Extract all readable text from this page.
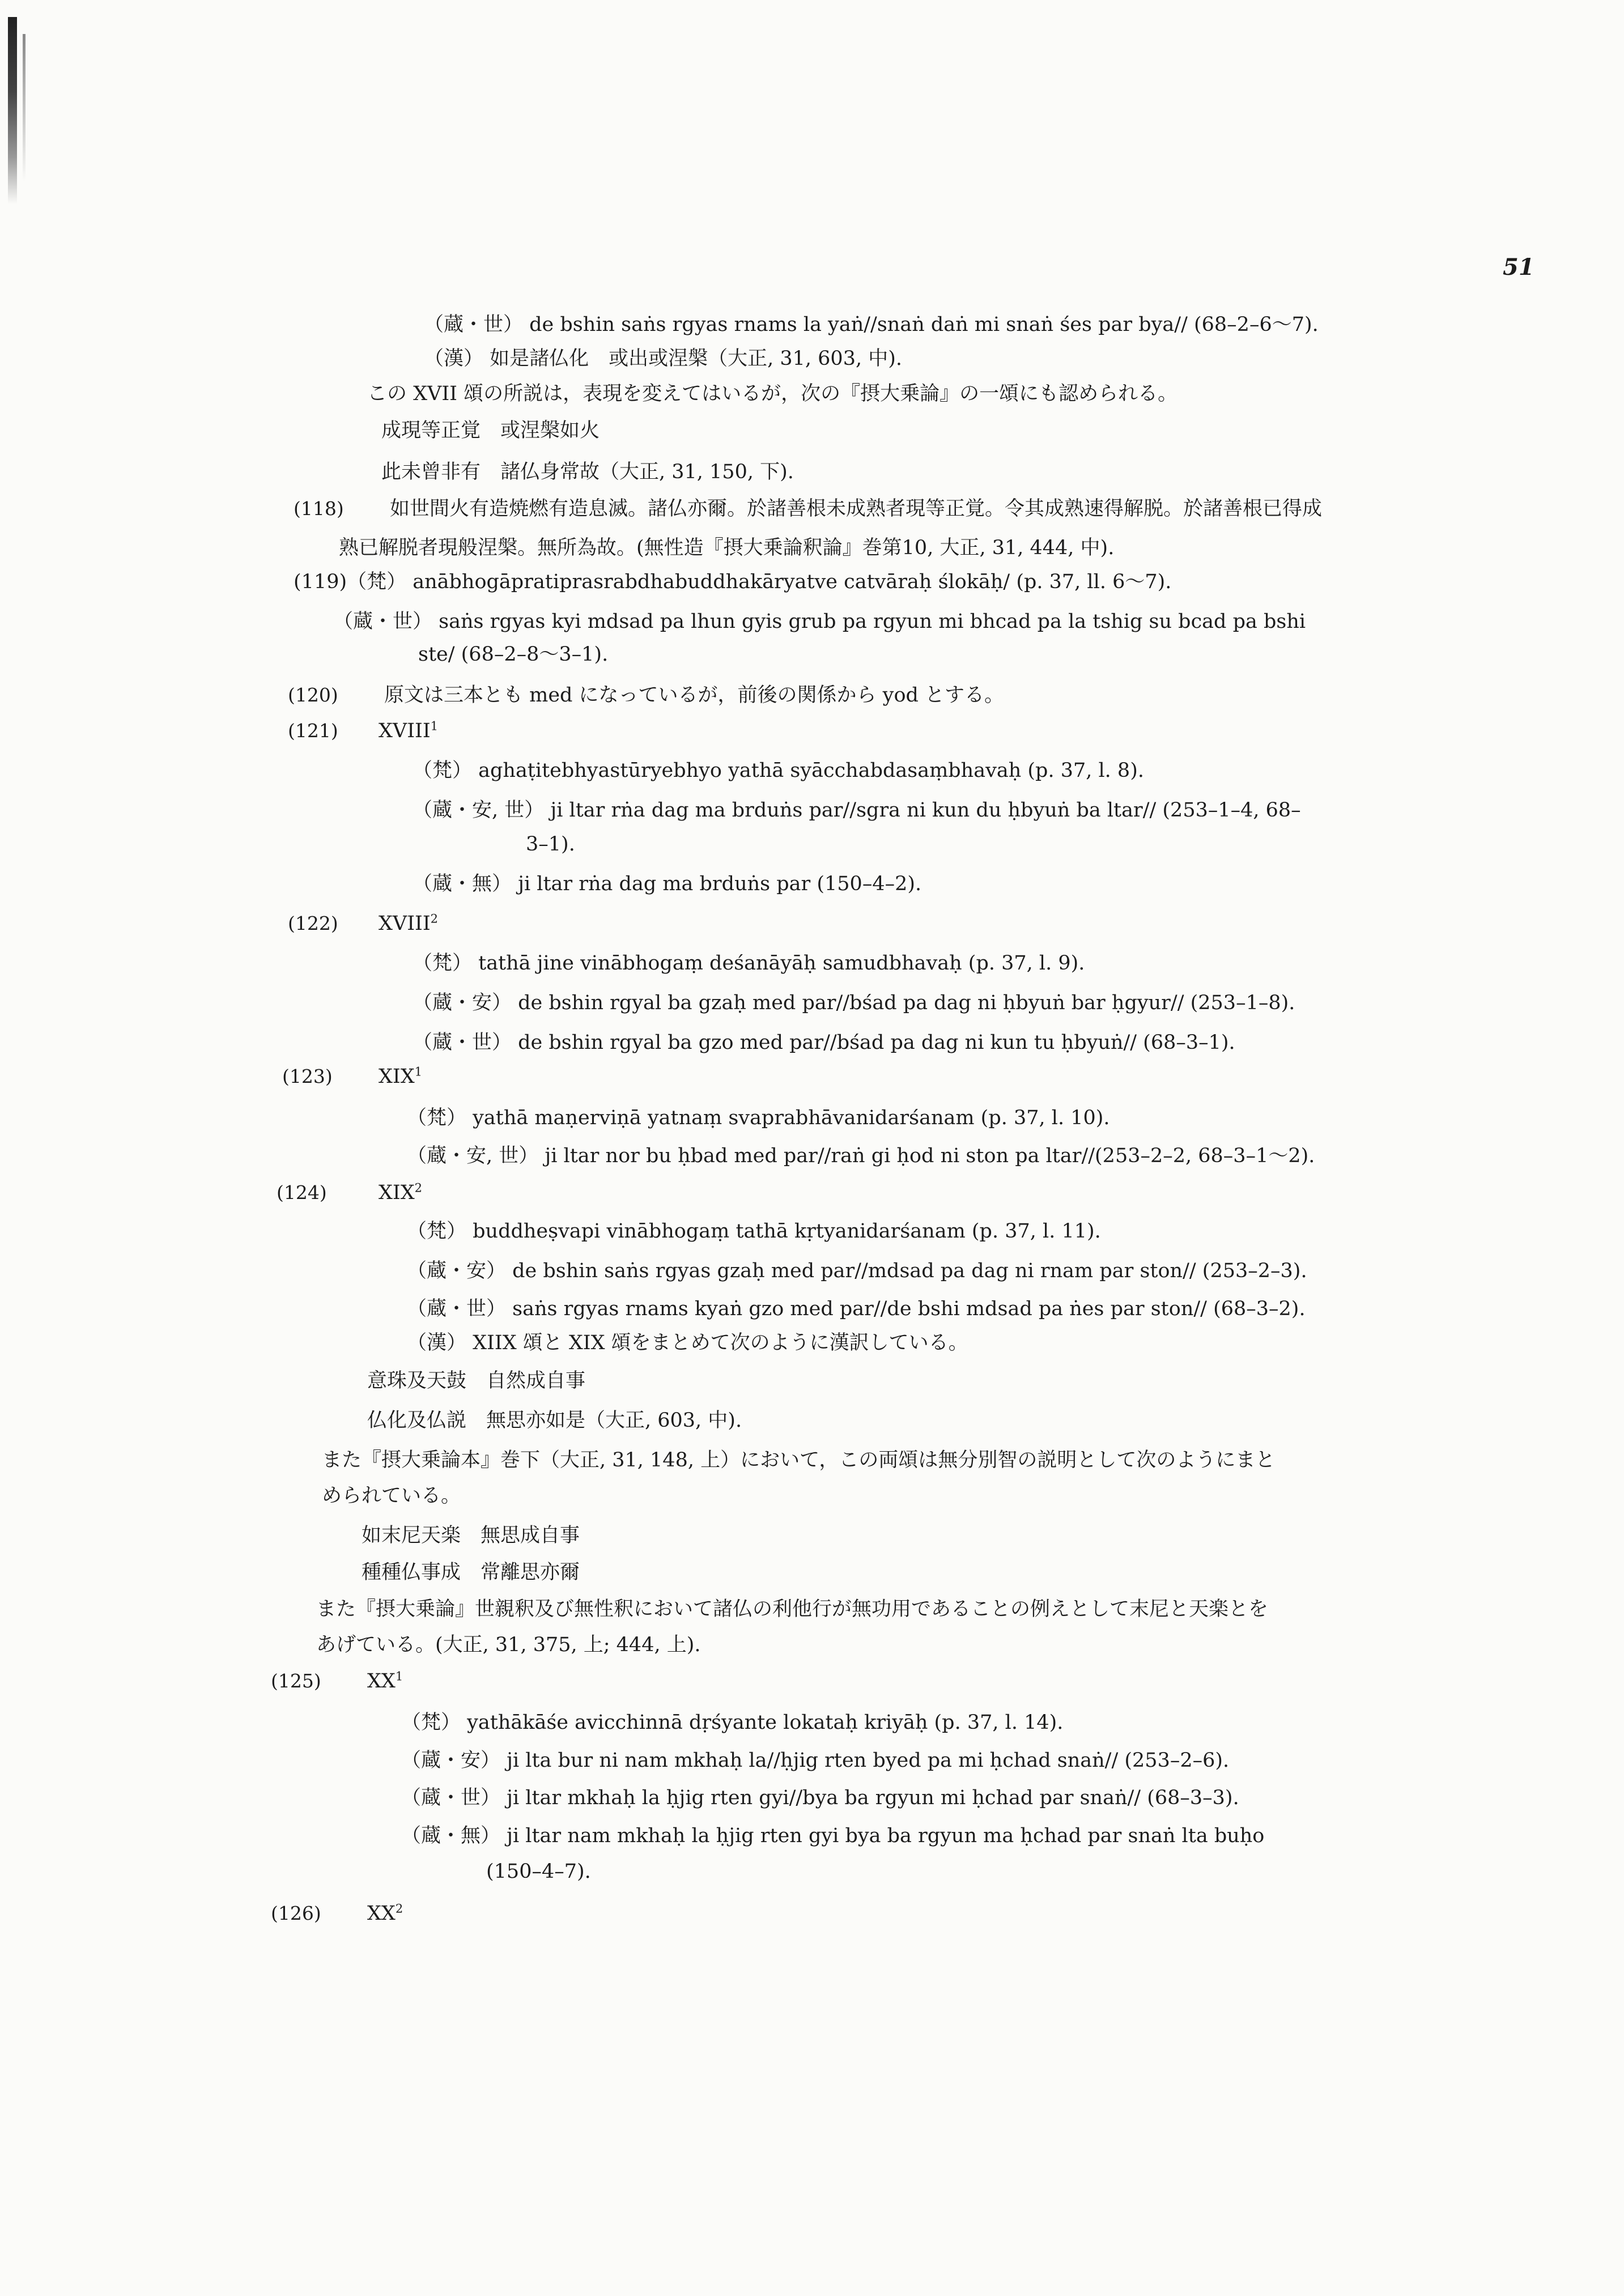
51
（蔵・世） de bshin saṅs rgyas rnams la yaṅ//snaṅ daṅ mi snaṅ śes par bya// (68–2–6〜7).
（漢） 如是諸仏化　或出或涅槃（大正, 31, 603, 中).
この XVII 頌の所説は，表現を変えてはいるが，次の『摂大乗論』の一頌にも認められる。
成現等正覚　或涅槃如火
此未曾非有　諸仏身常故（大正, 31, 150, 下).
(118) 如世間火有造焼燃有造息滅。諸仏亦爾。於諸善根未成熟者現等正覚。令其成熟速得解脱。於諸善根已得成
熟已解脱者現般涅槃。無所為故。(無性造『摂大乗論釈論』巻第10, 大正, 31, 444, 中).
(119)（梵） anābhogāpratiprasrabdhabuddhakāryatve catvāraḥ ślokāḥ/ (p. 37, ll. 6〜7).
（蔵・世） saṅs rgyas kyi mdsad pa lhun gyis grub pa rgyun mi bhcad pa la tshig su bcad pa bshi
ste/ (68–2–8〜3–1).
(120) 原文は三本とも med になっているが，前後の関係から yod とする。
(121) XVIII$^1$
（梵） aghaṭitebhyastūryebhyo yathā syācchabdasaṃbhavaḥ (p. 37, l. 8).
（蔵・安, 世） ji ltar rṅa dag ma brduṅs par//sgra ni kun du ḥbyuṅ ba ltar// (253–1–4, 68–
3–1).
（蔵・無） ji ltar rṅa dag ma brduṅs par (150–4–2).
(122) XVIII$^2$
（梵） tathā jine vinābhogaṃ deśanāyāḥ samudbhavaḥ (p. 37, l. 9).
（蔵・安） de bshin rgyal ba gzaḥ med par//bśad pa dag ni ḥbyuṅ bar ḥgyur// (253–1–8).
（蔵・世） de bshin rgyal ba gzo med par//bśad pa dag ni kun tu ḥbyuṅ// (68–3–1).
(123) XIX$^1$
（梵） yathā maṇerviṇā yatnaṃ svaprabhāvanidarśanam (p. 37, l. 10).
（蔵・安, 世） ji ltar nor bu ḥbad med par//raṅ gi ḥod ni ston pa ltar//(253–2–2, 68–3–1〜2).
(124)	XIX$^2$
（梵） buddheṣvapi vinābhogaṃ tathā kṛtyanidarśanam (p. 37, l. 11).
（蔵・安） de bshin saṅs rgyas gzaḥ med par//mdsad pa dag ni rnam par ston// (253–2–3).
（蔵・世） saṅs rgyas rnams kyaṅ gzo med par//de bshi mdsad pa ṅes par ston// (68–3–2).
（漢） XIIX 頌と XIX 頌をまとめて次のように漢訳している。
意珠及天鼓　自然成自事
仏化及仏説　無思亦如是（大正, 603, 中).
また『摂大乗論本』巻下（大正, 31, 148, 上）において，この両頌は無分別智の説明として次のようにまと
められている。
如末尼天楽　無思成自事
種種仏事成　常離思亦爾
また『摂大乗論』世親釈及び無性釈において諸仏の利他行が無功用であることの例えとして末尼と天楽とを
あげている。(大正, 31, 375, 上; 444, 上).
(125) $XX^1$
（梵） yathākāśe avicchinnā dṛśyante lokataḥ kriyāḥ (p. 37, l. 14).
（蔵・安） ji lta bur ni nam mkhaḥ la//ḥjig rten byed pa mi ḥchad snaṅ// (253–2–6).
（蔵・世） ji ltar mkhaḥ la ḥjig rten gyi//bya ba rgyun mi ḥchad par snaṅ// (68–3–3).
（蔵・無） ji ltar nam mkhaḥ la ḥjig rten gyi bya ba rgyun ma ḥchad par snaṅ lta buḥo
(150–4–7).
(126) $XX^2$
